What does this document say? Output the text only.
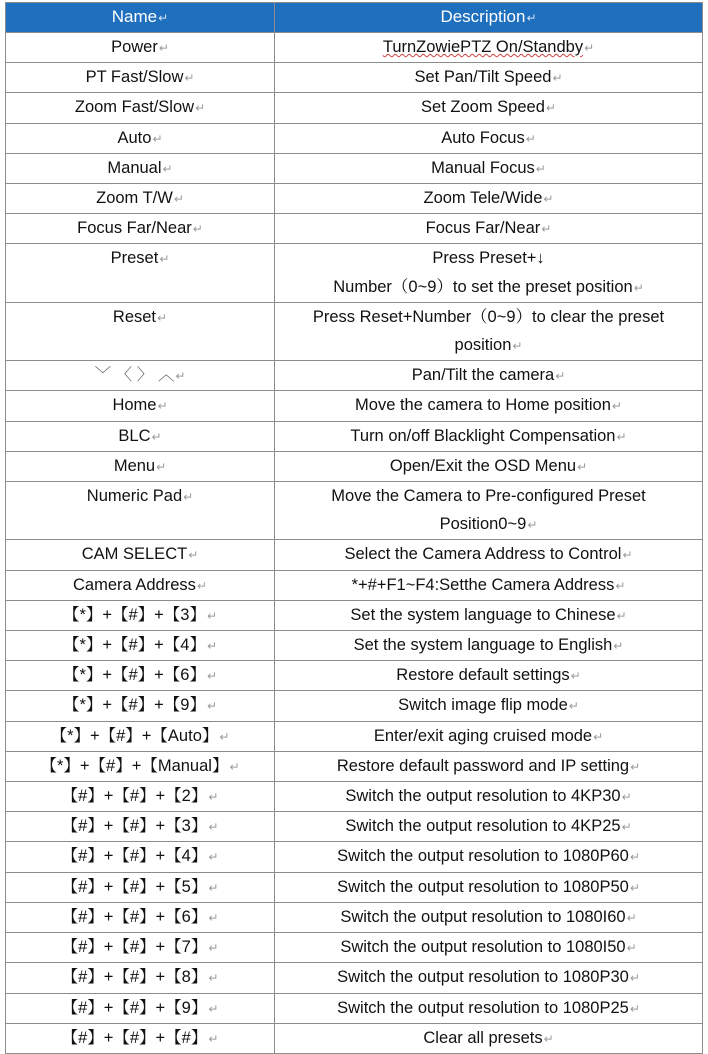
Name↵	Description↵
Power↵	TurnZowiePTZ On/Standby↵
PT Fast/Slow↵	Set Pan/Tilt Speed↵
Zoom Fast/Slow↵	Set Zoom Speed↵
Auto↵	Auto Focus↵
Manual↵	Manual Focus↵
Zoom T/W↵	Zoom Tele/Wide↵
Focus Far/Near↵	Focus Far/Near↵
Preset↵	Press Preset+↓
Number（0~9）to set the preset position↵
Reset↵	Press Reset+Number（0~9）to clear the preset
position↵
﹀ 〈 〉 ︿↵	Pan/Tilt the camera↵
Home↵	Move the camera to Home position↵
BLC↵	Turn on/off Blacklight Compensation↵
Menu↵	Open/Exit the OSD Menu↵
Numeric Pad↵	Move the Camera to Pre-configured Preset
Position0~9↵
CAM SELECT↵	Select the Camera Address to Control↵
Camera Address↵	*+#+F1~F4:Setthe Camera Address↵
【*】+【#】+【3】↵	Set the system language to Chinese↵
【*】+【#】+【4】↵	Set the system language to English↵
【*】+【#】+【6】↵	Restore default settings↵
【*】+【#】+【9】↵	Switch image flip mode↵
【*】+【#】+【Auto】↵	Enter/exit aging cruised mode↵
【*】+【#】+【Manual】↵	Restore default password and IP setting↵
【#】+【#】+【2】↵	Switch the output resolution to 4KP30↵
【#】+【#】+【3】↵	Switch the output resolution to 4KP25↵
【#】+【#】+【4】↵	Switch the output resolution to 1080P60↵
【#】+【#】+【5】↵	Switch the output resolution to 1080P50↵
【#】+【#】+【6】↵	Switch the output resolution to 1080I60↵
【#】+【#】+【7】↵	Switch the output resolution to 1080I50↵
【#】+【#】+【8】↵	Switch the output resolution to 1080P30↵
【#】+【#】+【9】↵	Switch the output resolution to 1080P25↵
【#】+【#】+【#】↵	Clear all presets↵
